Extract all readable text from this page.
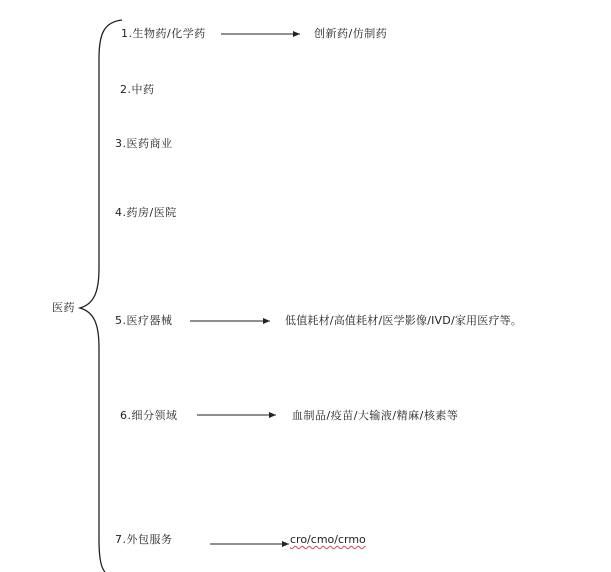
医药
1.生物药/化学药
2.中药
3.医药商业
4.药房/医院
5.医疗器械
6.细分领域
7.外包服务
创新药/仿制药
低值耗材/高值耗材/医学影像/IVD/家用医疗等。
血制品/疫苗/大输液/精麻/核素等
cro/cmo/crmo
